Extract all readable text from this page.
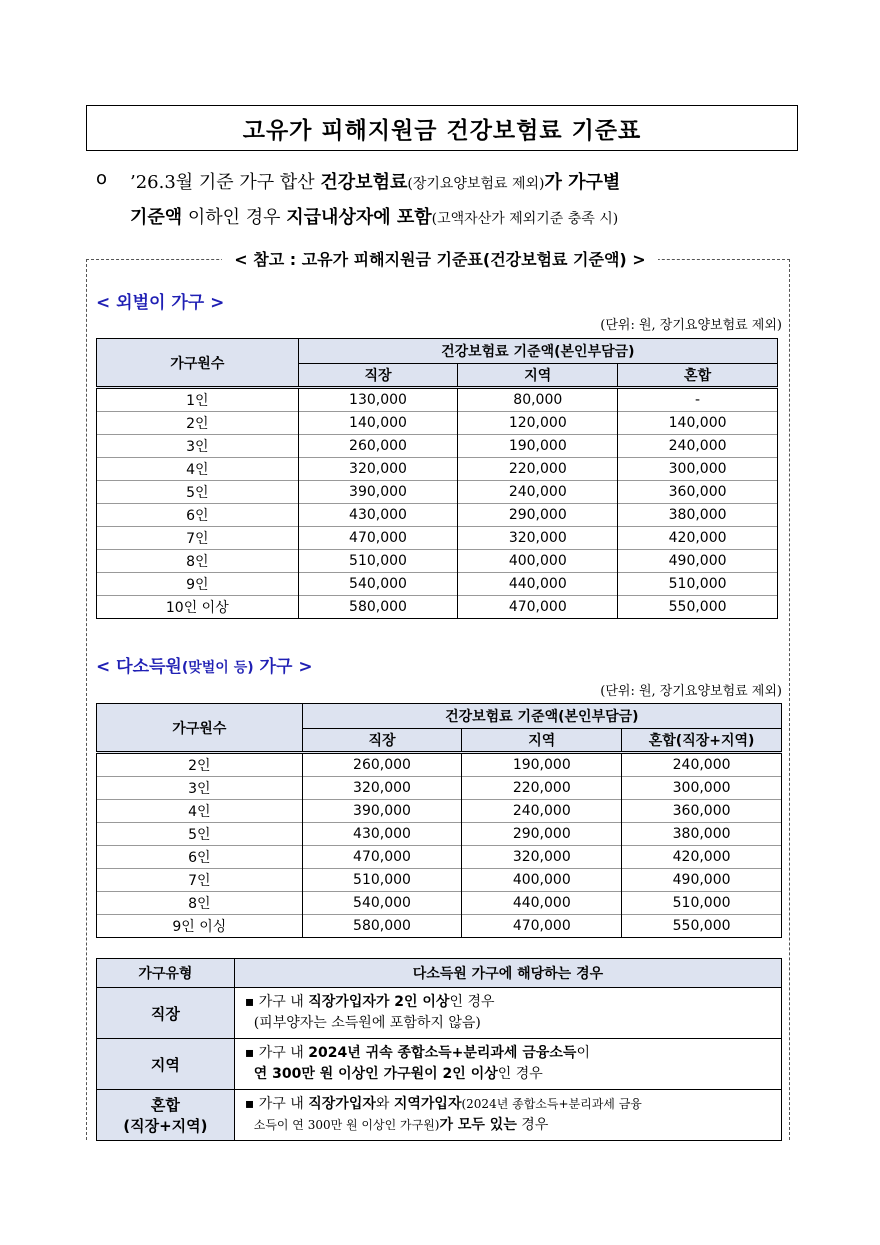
고유가 피해지원금 건강보험료 기준표
o ’26.3월 기준 가구 합산 건강보험료(장기요양보험료 제외)가 가구별
기준액 이하인 경우 지급내상자에 포함(고액자산가 제외기준 충족 시)
< 참고 : 고유가 피해지원금 기준표(건강보험료 기준액) >
< 외벌이 가구 >
(단위: 원, 장기요양보험료 제외)
가구원수	건강보험료 기준액(본인부담금)		
	직장	지역	혼합
1인	130,000	80,000	-
2인	140,000	120,000	140,000
3인	260,000	190,000	240,000
4인	320,000	220,000	300,000
5인	390,000	240,000	360,000
6인	430,000	290,000	380,000
7인	470,000	320,000	420,000
8인	510,000	400,000	490,000
9인	540,000	440,000	510,000
10인 이상	580,000	470,000	550,000
< 다소득원(맞벌이 등) 가구 >
(단위: 원, 장기요양보험료 제외)
가구원수	건강보험료 기준액(본인부담금)		
	직장	지역	혼합(직장+지역)
2인	260,000	190,000	240,000
3인	320,000	220,000	300,000
4인	390,000	240,000	360,000
5인	430,000	290,000	380,000
6인	470,000	320,000	420,000
7인	510,000	400,000	490,000
8인	540,000	440,000	510,000
9인 이싱	580,000	470,000	550,000
가구유형	다소득원 가구에 해당하는 경우
직장	▪ 가구 내 직장가입자가 2인 이상인 경우
(피부양자는 소득원에 포함하지 않음)
지역	▪ 가구 내 2024년 귀속 종합소득+분리과세 금융소득이
연 300만 원 이상인 가구원이 2인 이상인 경우
혼합
(직장+지역)	▪ 가구 내 직장가입자와 지역가입자(2024년 종합소득+분리과세 금융
소득이 연 300만 원 이상인 가구원)가 모두 있는 경우
